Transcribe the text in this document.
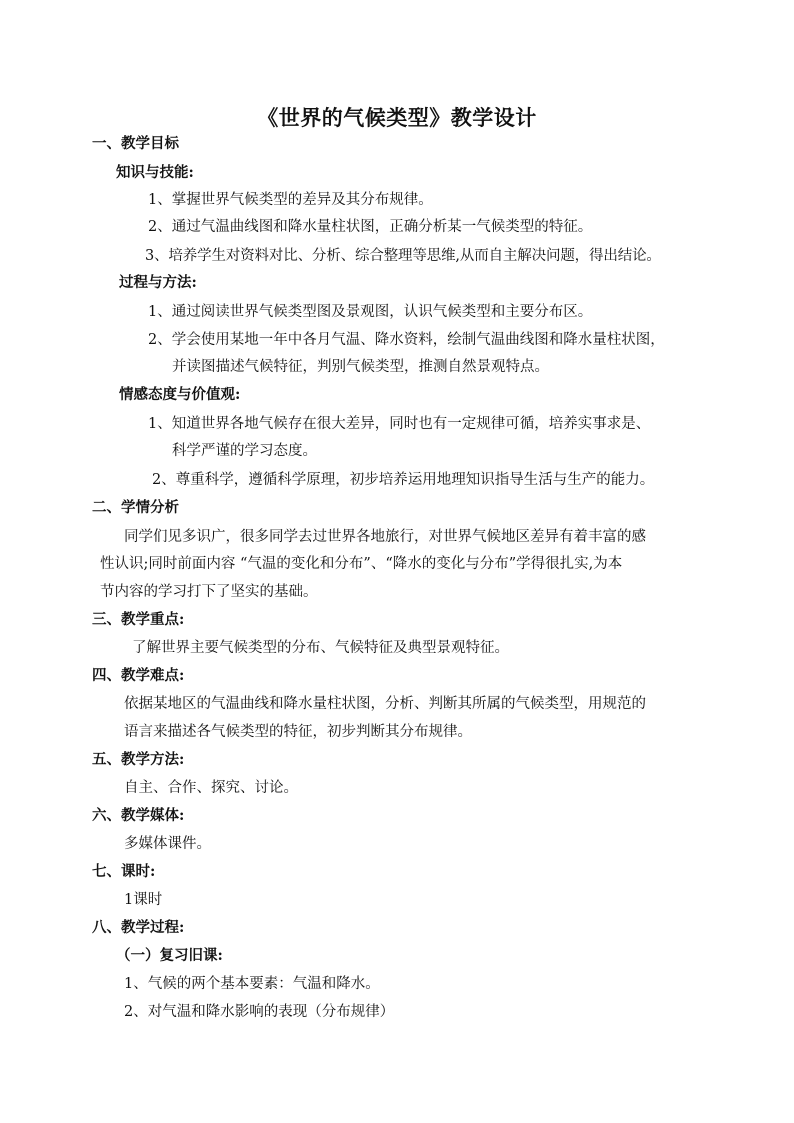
《世界的气候类型》教学设计
一、教学目标
知识与技能:
1、掌握世界气候类型的差异及其分布规律。
2、通过气温曲线图和降水量柱状图，正确分析某一气候类型的特征。
3、培养学生对资料对比、分析、综合整理等思维,从而自主解决问题，得出结论。
过程与方法:
1、通过阅读世界气候类型图及景观图，认识气候类型和主要分布区。
2、学会使用某地一年中各月气温、降水资料，绘制气温曲线图和降水量柱状图，
并读图描述气候特征，判别气候类型，推测自然景观特点。
情感态度与价值观:
1、知道世界各地气候存在很大差异，同时也有一定规律可循，培养实事求是、
科学严谨的学习态度。
2、尊重科学，遵循科学原理，初步培养运用地理知识指导生活与生产的能力。
二、学情分析
同学们见多识广，很多同学去过世界各地旅行，对世界气候地区差异有着丰富的感
性认识;同时前面内容 “气温的变化和分布”、“降水的变化与分布”学得很扎实,为本
节内容的学习打下了坚实的基础。
三、教学重点:
了解世界主要气候类型的分布、气候特征及典型景观特征。
四、教学难点:
依据某地区的气温曲线和降水量柱状图，分析、判断其所属的气候类型，用规范的
语言来描述各气候类型的特征，初步判断其分布规律。
五、教学方法:
自主、合作、探究、讨论。
六、教学媒体:
多媒体课件。
七、课时:
1课时
八、教学过程:
（一）复习旧课:
1、气候的两个基本要素：气温和降水。
2、对气温和降水影响的表现（分布规律）
